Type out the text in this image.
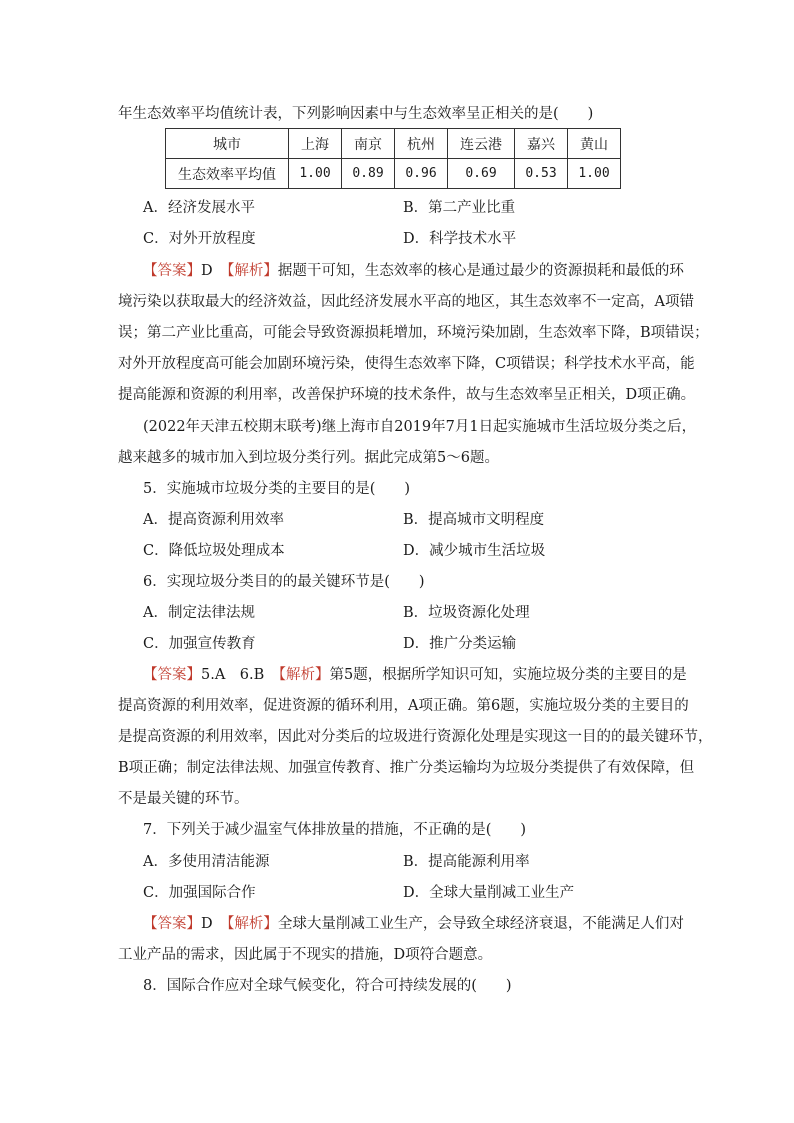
年生态效率平均值统计表，下列影响因素中与生态效率呈正相关的是(　　)
城市	上海	南京	杭州	连云港	嘉兴	黄山
生态效率平均值	1.00	0.89	0.96	0.69	0.53	1.00
A．经济发展水平	B．第二产业比重
C．对外开放程度	D．科学技术水平
【答案】D　【解析】据题干可知，生态效率的核心是通过最少的资源损耗和最低的环
境污染以获取最大的经济效益，因此经济发展水平高的地区，其生态效率不一定高，A项错
误；第二产业比重高，可能会导致资源损耗增加，环境污染加剧，生态效率下降，B项错误；
对外开放程度高可能会加剧环境污染，使得生态效率下降，C项错误；科学技术水平高，能
提高能源和资源的利用率，改善保护环境的技术条件，故与生态效率呈正相关，D项正确。
(2022年天津五校期末联考)继上海市自2019年7月1日起实施城市生活垃圾分类之后，
越来越多的城市加入到垃圾分类行列。据此完成第5～6题。
5．实施城市垃圾分类的主要目的是(　　)
A．提高资源利用效率	B．提高城市文明程度
C．降低垃圾处理成本	D．减少城市生活垃圾
6．实现垃圾分类目的的最关键环节是(　　)
A．制定法律法规	B．垃圾资源化处理
C．加强宣传教育	D．推广分类运输
【答案】5.A　6.B　【解析】第5题，根据所学知识可知，实施垃圾分类的主要目的是
提高资源的利用效率，促进资源的循环利用，A项正确。第6题，实施垃圾分类的主要目的
是提高资源的利用效率，因此对分类后的垃圾进行资源化处理是实现这一目的的最关键环节，
B项正确；制定法律法规、加强宣传教育、推广分类运输均为垃圾分类提供了有效保障，但
不是最关键的环节。
7．下列关于减少温室气体排放量的措施，不正确的是(　　)
A．多使用清洁能源	B．提高能源利用率
C．加强国际合作	D．全球大量削减工业生产
【答案】D　【解析】全球大量削减工业生产，会导致全球经济衰退，不能满足人们对
工业产品的需求，因此属于不现实的措施，D项符合题意。
8．国际合作应对全球气候变化，符合可持续发展的(　　)
